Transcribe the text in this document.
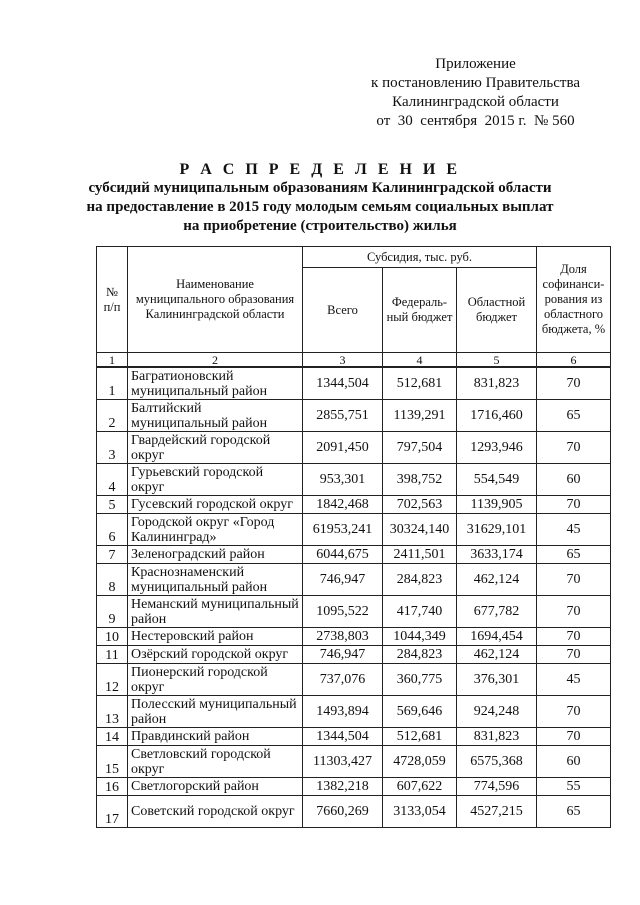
Приложение
к постановлению Правительства
Калининградской области
от  30  сентября  2015 г.  № 560
Р А С П Р Е Д Е Л Е Н И Е
субсидий муниципальным образованиям Калининградской области
на предоставление в 2015 году молодым семьям социальных выплат
на приобретение (строительство) жилья
№ п/п	Наименование муниципального образования Калининградской области	Субсидия, тыс. руб.			Доля софинанси-рования из областного бюджета, %
		Всего	Федераль-ный бюджет	Областной бюджет	
1	2	3	4	5	6
1	Багратионовский муниципальный район	1344,504	512,681	831,823	70
2	Балтийский муниципальный район	2855,751	1139,291	1716,460	65
3	Гвардейский городской округ	2091,450	797,504	1293,946	70
4	Гурьевский городской округ	953,301	398,752	554,549	60
5	Гусевский городской округ	1842,468	702,563	1139,905	70
6	Городской округ «Город Калининград»	61953,241	30324,140	31629,101	45
7	Зеленоградский район	6044,675	2411,501	3633,174	65
8	Краснознаменский муниципальный район	746,947	284,823	462,124	70
9	Неманский муниципальный район	1095,522	417,740	677,782	70
10	Нестеровский район	2738,803	1044,349	1694,454	70
11	Озёрский городской округ	746,947	284,823	462,124	70
12	Пионерский городской округ	737,076	360,775	376,301	45
13	Полесский муниципальный район	1493,894	569,646	924,248	70
14	Правдинский район	1344,504	512,681	831,823	70
15	Светловский городской округ	11303,427	4728,059	6575,368	60
16	Светлогорский район	1382,218	607,622	774,596	55
17	Советский городской округ	7660,269	3133,054	4527,215	65
